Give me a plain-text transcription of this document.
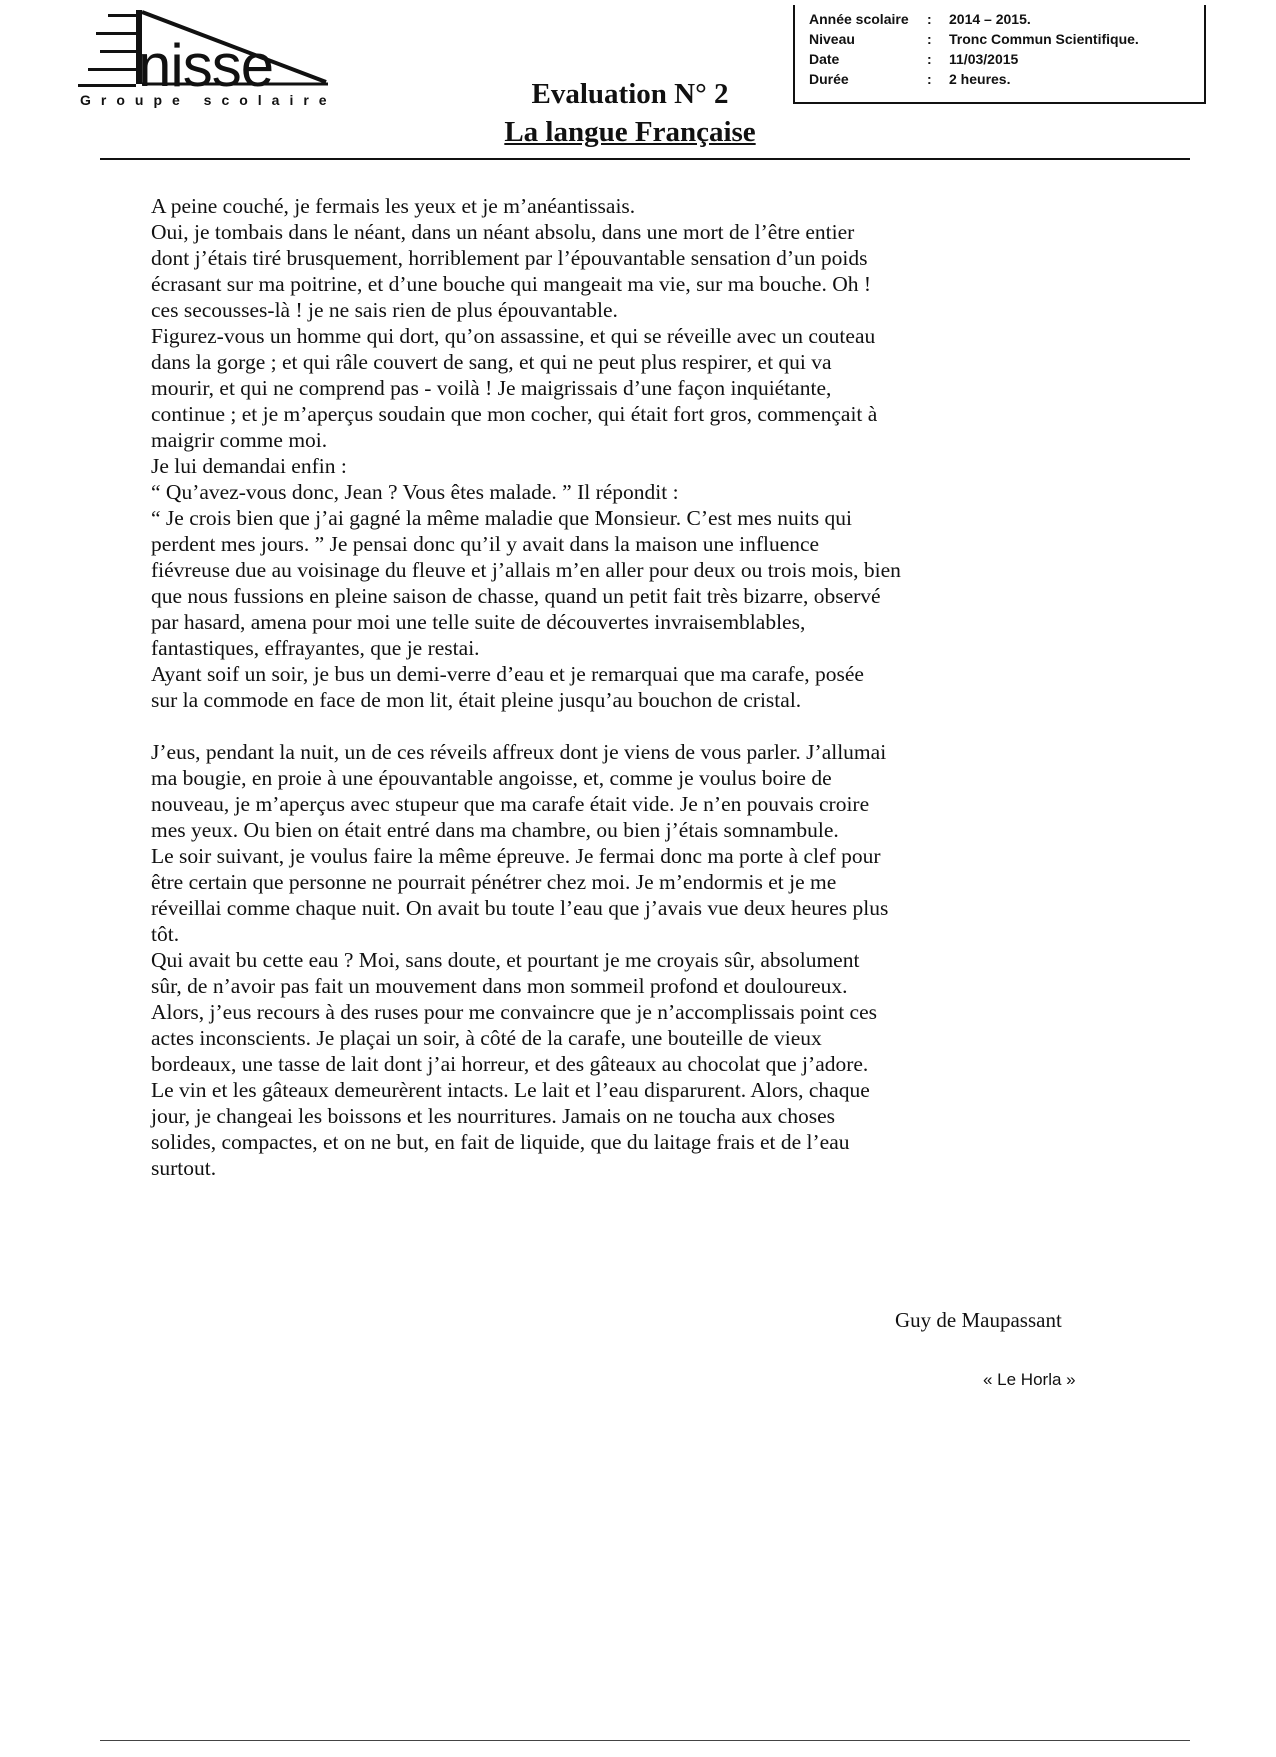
nisse
Groupe scolaire	Evaluation N° 2
La langue Française
Année scolaire	:	2014 – 2015.
Niveau	:	Tronc Commun Scientifique.
Date	:	11/03/2015
Durée	:	2 heures.

A peine couché, je fermais les yeux et je m’anéantissais.

Oui, je tombais dans le néant, dans un néant absolu, dans une mort de l’être entier

dont j’étais tiré brusquement, horriblement par l’épouvantable sensation d’un poids

écrasant sur ma poitrine, et d’une bouche qui mangeait ma vie, sur ma bouche. Oh !

ces secousses-là ! je ne sais rien de plus épouvantable.

Figurez-vous un homme qui dort, qu’on assassine, et qui se réveille avec un couteau

dans la gorge ; et qui râle couvert de sang, et qui ne peut plus respirer, et qui va

mourir, et qui ne comprend pas - voilà ! Je maigrissais d’une façon inquiétante,

continue ; et je m’aperçus soudain que mon cocher, qui était fort gros, commençait à

maigrir comme moi.

Je lui demandai enfin :

“ Qu’avez-vous donc, Jean ? Vous êtes malade. ” Il répondit :

“ Je crois bien que j’ai gagné la même maladie que Monsieur. C’est mes nuits qui

perdent mes jours. ” Je pensai donc qu’il y avait dans la maison une influence

fiévreuse due au voisinage du fleuve et j’allais m’en aller pour deux ou trois mois, bien

que nous fussions en pleine saison de chasse, quand un petit fait très bizarre, observé

par hasard, amena pour moi une telle suite de découvertes invraisemblables,

fantastiques, effrayantes, que je restai.

Ayant soif un soir, je bus un demi-verre d’eau et je remarquai que ma carafe, posée

sur la commode en face de mon lit, était pleine jusqu’au bouchon de cristal.

J’eus, pendant la nuit, un de ces réveils affreux dont je viens de vous parler. J’allumai

ma bougie, en proie à une épouvantable angoisse, et, comme je voulus boire de

nouveau, je m’aperçus avec stupeur que ma carafe était vide. Je n’en pouvais croire

mes yeux. Ou bien on était entré dans ma chambre, ou bien j’étais somnambule.

Le soir suivant, je voulus faire la même épreuve. Je fermai donc ma porte à clef pour

être certain que personne ne pourrait pénétrer chez moi. Je m’endormis et je me

réveillai comme chaque nuit. On avait bu toute l’eau que j’avais vue deux heures plus

tôt.

Qui avait bu cette eau ? Moi, sans doute, et pourtant je me croyais sûr, absolument

sûr, de n’avoir pas fait un mouvement dans mon sommeil profond et douloureux.

Alors, j’eus recours à des ruses pour me convaincre que je n’accomplissais point ces

actes inconscients. Je plaçai un soir, à côté de la carafe, une bouteille de vieux

bordeaux, une tasse de lait dont j’ai horreur, et des gâteaux au chocolat que j’adore.

Le vin et les gâteaux demeurèrent intacts. Le lait et l’eau disparurent. Alors, chaque

jour, je changeai les boissons et les nourritures. Jamais on ne toucha aux choses

solides, compactes, et on ne but, en fait de liquide, que du laitage frais et de l’eau

surtout.

Guy de Maupassant
« Le Horla »
